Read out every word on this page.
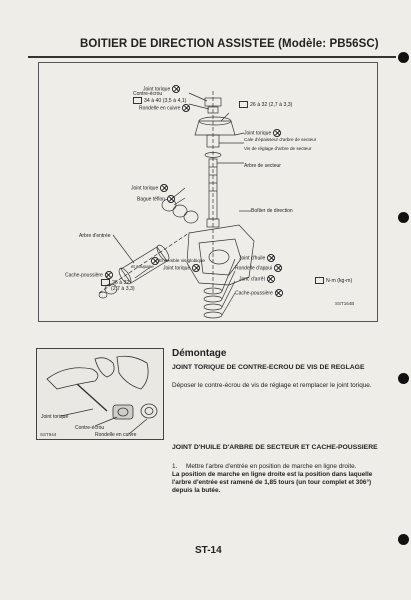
BOITIER DE DIRECTION ASSISTEE (Modèle: PB56SC)
Joint torique
Contre-écrou
34 à 40 (3,5 à 4,1)
Rondelle en cuivre
26 à 32 (2,7 à 3,3)
Joint torique
Cale d'épaisseur d'arbre de secteur
Vis de réglage d'arbre de secteur
Arbre de secteur
Joint torique
Bague téflon
Boîtier de direction
Arbre d'entrée
Ensemble vis globique
et soupape Joint torique
Joint d'huile
Rondelle d'appui
Jonc d'arrêt
Cache-poussière
26 à 32
(2,7 à 3,3)
Cache-poussière
N·m (kg-m)
SST164B
Joint torique
Contre-écrou
Rondelle en cuivre
SST944
Démontage
JOINT TORIQUE DE CONTRE-ECROU DE VIS DE REGLAGE
Déposer le contre-écrou de vis de réglage et remplacer le joint torique.
JOINT D'HUILE D'ARBRE DE SECTEUR ET CACHE-POUSSIERE
1. Mettre l'arbre d'entrée en position de marche en ligne droite.
La position de marche en ligne droite est la position dans laquelle l'arbre d'entrée est ramené de 1,85 tours (un tour complet et 306°) depuis la butée.
ST-14
